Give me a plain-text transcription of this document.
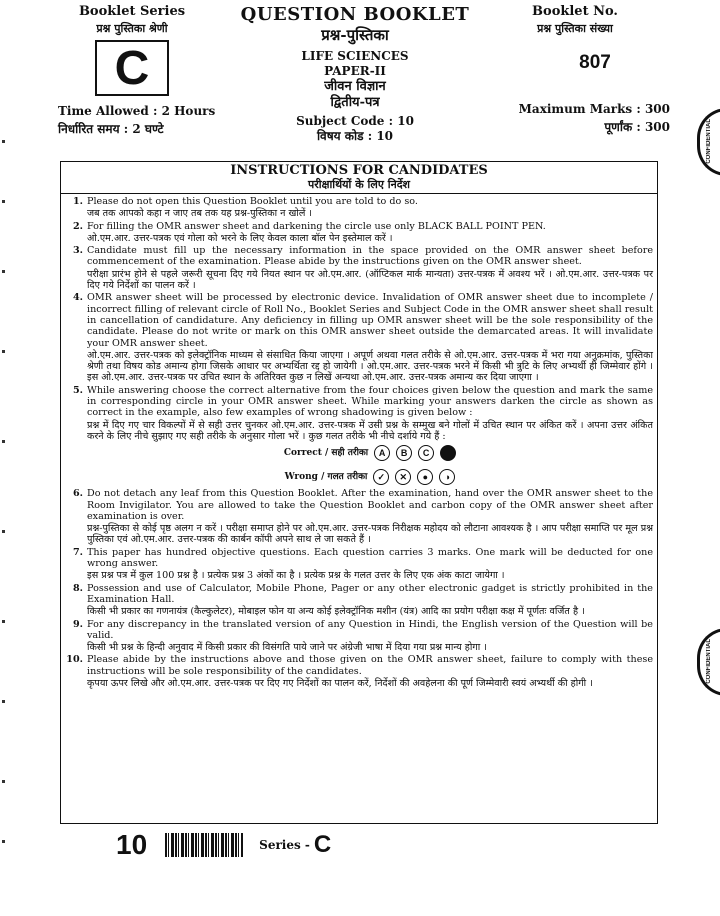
Booklet Series
प्रश्न पुस्तिका श्रेणी
C
Time Allowed : 2 Hours
निर्धारित समय : 2 घण्टे
QUESTION BOOKLET
प्रश्न-पुस्तिका
LIFE SCIENCES
PAPER-II
जीवन विज्ञान
द्वितीय-पत्र
Subject Code : 10
विषय कोड : 10
Booklet No.
प्रश्न पुस्तिका संख्या
807
Maximum Marks : 300
पूर्णांक : 300	CONFIDENTIAL
CONFIDENTIAL
INSTRUCTIONS FOR CANDIDATES
परीक्षार्थियों के लिए निर्देश
1. Please do not open this Question Booklet until you are told to do so.

जब तक आपको कहा न जाए तब तक यह प्रश्न-पुस्तिका न खोलें ।

2. For filling the OMR answer sheet and darkening the circle use only BLACK BALL POINT PEN.

ओ.एम.आर. उत्तर-पत्रक एवं गोला को भरने के लिए केवल काला बॉल पेन इस्तेमाल करें ।

3. Candidate must fill up the necessary information in the space provided on the OMR answer sheet before commencement of the examination. Please abide by the instructions given on the OMR answer sheet.

परीक्षा प्रारंभ होने से पहले जरूरी सूचना दिए गये नियत स्थान पर ओ.एम.आर. (ऑप्टिकल मार्क मान्यता) उत्तर-पत्रक में अवश्य भरें । ओ.एम.आर. उत्तर-पत्रक पर दिए गये निर्देशों का पालन करें ।

4. OMR answer sheet will be processed by electronic device. Invalidation of OMR answer sheet due to incomplete / incorrect filling of relevant circle of Roll No., Booklet Series and Subject Code in the OMR answer sheet shall result in cancellation of candidature. Any deficiency in filling up OMR answer sheet will be the sole responsibility of the candidate. Please do not write or mark on this OMR answer sheet outside the demarcated areas. It will invalidate your OMR answer sheet.

ओ.एम.आर. उत्तर-पत्रक को इलेक्ट्रॉनिक माध्यम से संसाधित किया जाएगा । अपूर्ण अथवा गलत तरीके से ओ.एम.आर. उत्तर-पत्रक में भरा गया अनुक्रमांक, पुस्तिका श्रेणी तथा विषय कोड अमान्य होगा जिसके आधार पर अभ्यर्थिता रद्द हो जायेगी । ओ.एम.आर. उत्तर-पत्रक भरने में किसी भी त्रुटि के लिए अभ्यर्थी ही जिम्मेवार होंगे । इस ओ.एम.आर. उत्तर-पत्रक पर उचित स्थान के अतिरिक्त कुछ न लिखें अन्यथा ओ.एम.आर. उत्तर-पत्रक अमान्य कर दिया जाएगा ।

5. While answering choose the correct alternative from the four choices given below the question and mark the same in corresponding circle in your OMR answer sheet. While marking your answers darken the circle as shown as correct in the example, also few examples of wrong shadowing is given below :

प्रश्न में दिए गए चार विकल्पों में से सही उत्तर चुनकर ओ.एम.आर. उत्तर-पत्रक में उसी प्रश्न के सम्मुख बने गोलों में उचित स्थान पर अंकित करें । अपना उत्तर अंकित करने के लिए नीचे सुझाए गए सही तरीके के अनुसार गोला भरें । कुछ गलत तरीके भी नीचे दर्शाये गये हैं :

Correct / सही तरीका	A	B	C
Wrong / गलत तरीका	✓	✕	●	◑
6. Do not detach any leaf from this Question Booklet. After the examination, hand over the OMR answer sheet to the Room Invigilator. You are allowed to take the Question Booklet and carbon copy of the OMR answer sheet after examination is over.

प्रश्न-पुस्तिका से कोई पृष्ठ अलग न करें । परीक्षा समाप्त होने पर ओ.एम.आर. उत्तर-पत्रक निरीक्षक महोदय को लौटाना आवश्यक है । आप परीक्षा समाप्ति पर मूल प्रश्न पुस्तिका एवं ओ.एम.आर. उत्तर-पत्रक की कार्बन कॉपी अपने साथ ले जा सकते हैं ।

7. This paper has hundred objective questions. Each question carries 3 marks. One mark will be deducted for one wrong answer.

इस प्रश्न पत्र में कुल 100 प्रश्न है । प्रत्येक प्रश्न 3 अंकों का है । प्रत्येक प्रश्न के गलत उत्तर के लिए एक अंक काटा जायेगा ।

8. Possession and use of Calculator, Mobile Phone, Pager or any other electronic gadget is strictly prohibited in the Examination Hall.

किसी भी प्रकार का गणनायंत्र (कैल्कुलेटर), मोबाइल फोन या अन्य कोई इलेक्ट्रॉनिक मशीन (यंत्र) आदि का प्रयोग परीक्षा कक्ष में पूर्णतः वर्जित है ।

9. For any discrepancy in the translated version of any Question in Hindi, the English version of the Question will be valid.

किसी भी प्रश्न के हिन्दी अनुवाद में किसी प्रकार की विसंगति पाये जाने पर अंग्रेजी भाषा में दिया गया प्रश्न मान्य होगा ।

10. Please abide by the instructions above and those given on the OMR answer sheet, failure to comply with these instructions will be sole responsibility of the candidates.

कृपया ऊपर लिखे और ओ.एम.आर. उत्तर-पत्रक पर दिए गए निर्देशों का पालन करें, निर्देशों की अवहेलना की पूर्ण जिम्मेवारी स्वयं अभ्यर्थी की होगी ।

10	Series - C
